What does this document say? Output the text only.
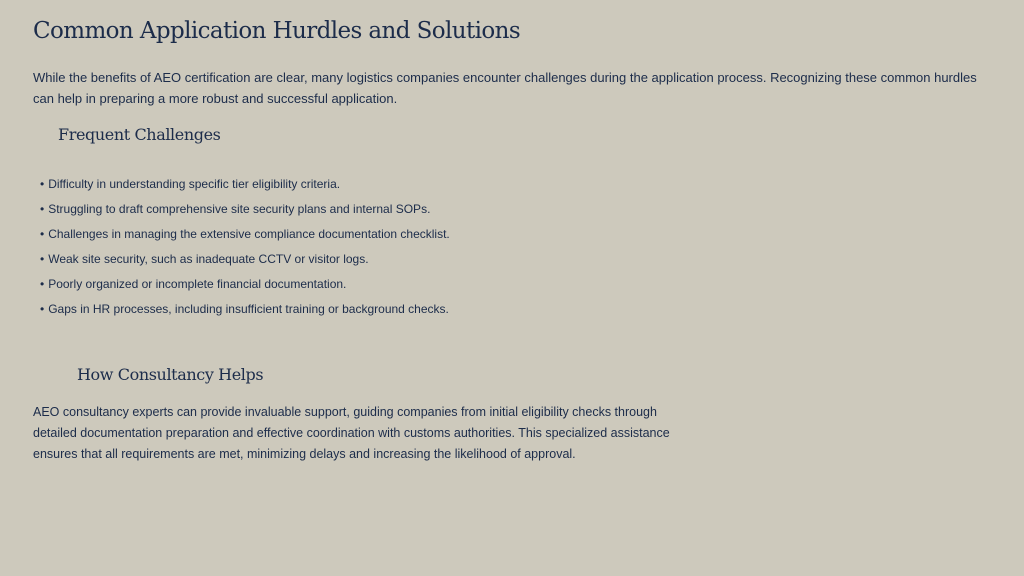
Common Application Hurdles and Solutions

While the benefits of AEO certification are clear, many logistics companies encounter challenges during the application process. Recognizing these common hurdles can help in preparing a more robust and successful application.

Frequent Challenges
• Difficulty in understanding specific tier eligibility criteria.
• Struggling to draft comprehensive site security plans and internal SOPs.
• Challenges in managing the extensive compliance documentation checklist.
• Weak site security, such as inadequate CCTV or visitor logs.
• Poorly organized or incomplete financial documentation.
• Gaps in HR processes, including insufficient training or background checks.
How Consultancy Helps

AEO consultancy experts can provide invaluable support, guiding companies from initial eligibility checks through detailed documentation preparation and effective coordination with customs authorities. This specialized assistance ensures that all requirements are met, minimizing delays and increasing the likelihood of approval.
